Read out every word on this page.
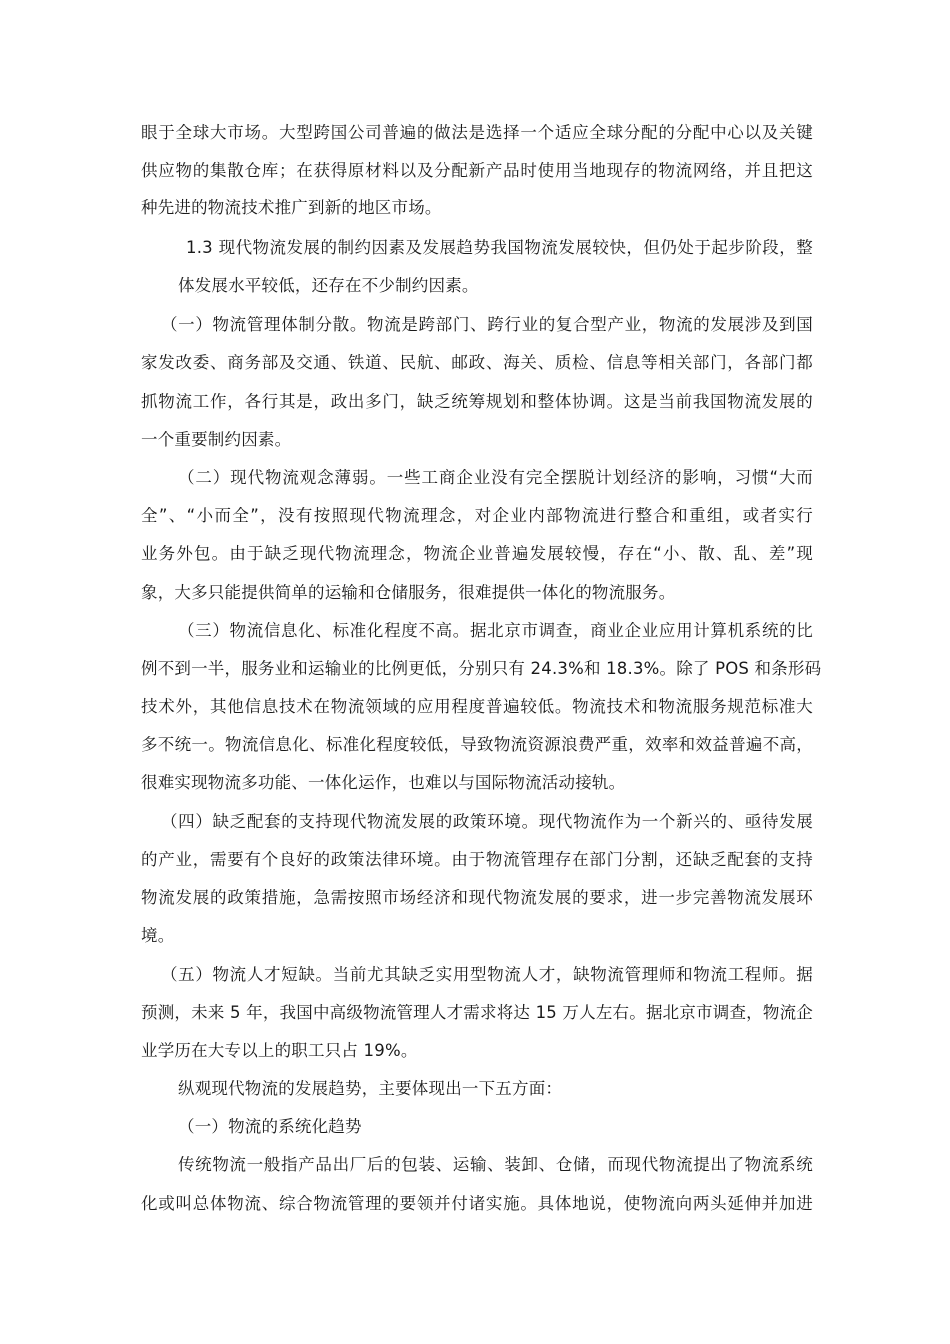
眼于全球大市场。大型跨国公司普遍的做法是选择一个适应全球分配的分配中心以及关键

供应物的集散仓库；在获得原材料以及分配新产品时使用当地现存的物流网络，并且把这

种先进的物流技术推广到新的地区市场。

1.3 现代物流发展的制约因素及发展趋势我国物流发展较快，但仍处于起步阶段，整

体发展水平较低，还存在不少制约因素。

（一）物流管理体制分散。物流是跨部门、跨行业的复合型产业，物流的发展涉及到国

家发改委、商务部及交通、铁道、民航、邮政、海关、质检、信息等相关部门，各部门都

抓物流工作，各行其是，政出多门，缺乏统筹规划和整体协调。这是当前我国物流发展的

一个重要制约因素。

（二）现代物流观念薄弱。一些工商企业没有完全摆脱计划经济的影响，习惯“大而

全”、“小而全”，没有按照现代物流理念，对企业内部物流进行整合和重组，或者实行

业务外包。由于缺乏现代物流理念，物流企业普遍发展较慢，存在“小、散、乱、差”现

象，大多只能提供简单的运输和仓储服务，很难提供一体化的物流服务。

（三）物流信息化、标准化程度不高。据北京市调查，商业企业应用计算机系统的比

例不到一半，服务业和运输业的比例更低，分别只有 24.3%和 18.3%。除了 POS 和条形码

技术外，其他信息技术在物流领域的应用程度普遍较低。物流技术和物流服务规范标准大

多不统一。物流信息化、标准化程度较低，导致物流资源浪费严重，效率和效益普遍不高，

很难实现物流多功能、一体化运作，也难以与国际物流活动接轨。

（四）缺乏配套的支持现代物流发展的政策环境。现代物流作为一个新兴的、亟待发展

的产业，需要有个良好的政策法律环境。由于物流管理存在部门分割，还缺乏配套的支持

物流发展的政策措施，急需按照市场经济和现代物流发展的要求，进一步完善物流发展环

境。

（五）物流人才短缺。当前尤其缺乏实用型物流人才，缺物流管理师和物流工程师。据

预测，未来 5 年，我国中高级物流管理人才需求将达 15 万人左右。据北京市调查，物流企

业学历在大专以上的职工只占 19%。

纵观现代物流的发展趋势，主要体现出一下五方面：

（一）物流的系统化趋势

传统物流一般指产品出厂后的包装、运输、装卸、仓储，而现代物流提出了物流系统

化或叫总体物流、综合物流管理的要领并付诸实施。具体地说，使物流向两头延伸并加进
